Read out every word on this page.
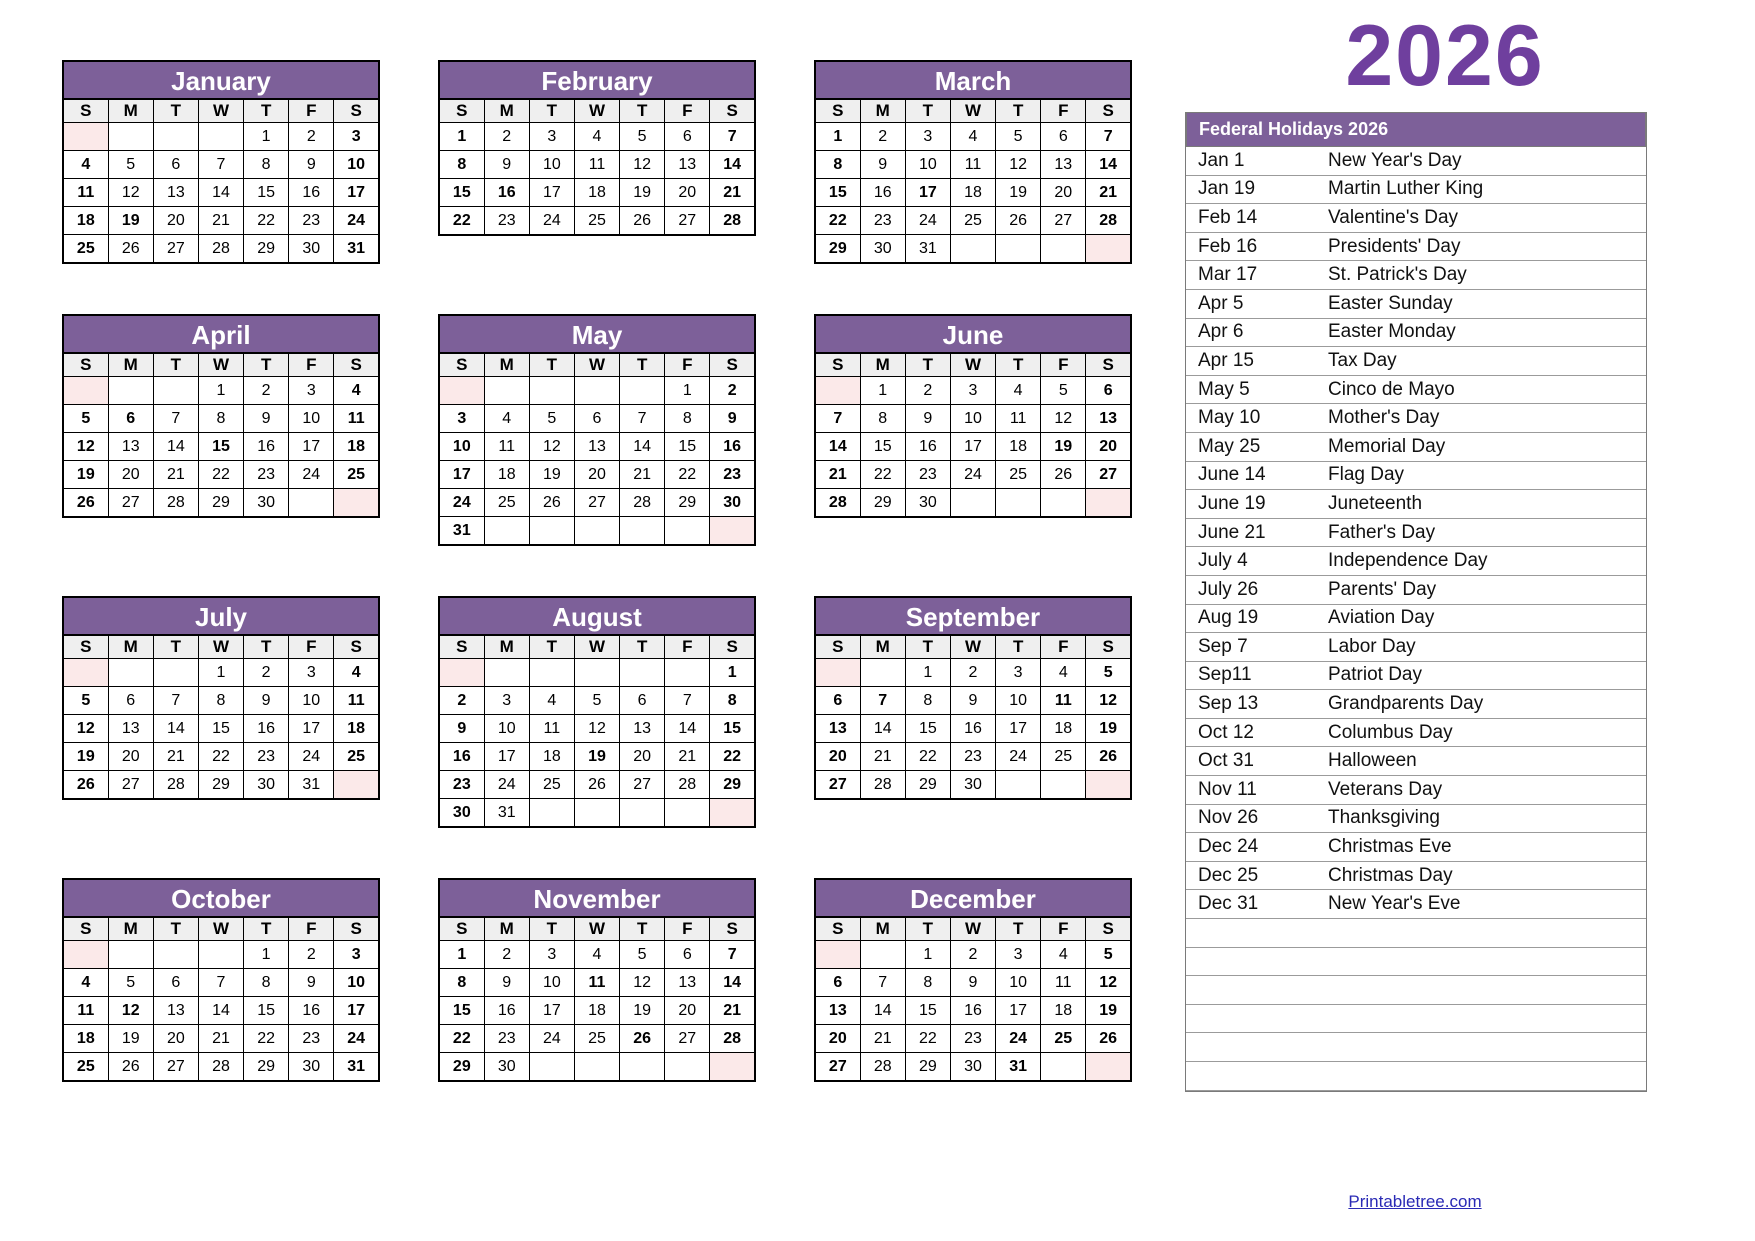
January
S	M	T	W	T	F	S
				1	2	3
4	5	6	7	8	9	10
11	12	13	14	15	16	17
18	19	20	21	22	23	24
25	26	27	28	29	30	31
February
S	M	T	W	T	F	S
1	2	3	4	5	6	7
8	9	10	11	12	13	14
15	16	17	18	19	20	21
22	23	24	25	26	27	28
March
S	M	T	W	T	F	S
1	2	3	4	5	6	7
8	9	10	11	12	13	14
15	16	17	18	19	20	21
22	23	24	25	26	27	28
29	30	31				
April
S	M	T	W	T	F	S
			1	2	3	4
5	6	7	8	9	10	11
12	13	14	15	16	17	18
19	20	21	22	23	24	25
26	27	28	29	30		
May
S	M	T	W	T	F	S
					1	2
3	4	5	6	7	8	9
10	11	12	13	14	15	16
17	18	19	20	21	22	23
24	25	26	27	28	29	30
31						
June
S	M	T	W	T	F	S
	1	2	3	4	5	6
7	8	9	10	11	12	13
14	15	16	17	18	19	20
21	22	23	24	25	26	27
28	29	30				
July
S	M	T	W	T	F	S
			1	2	3	4
5	6	7	8	9	10	11
12	13	14	15	16	17	18
19	20	21	22	23	24	25
26	27	28	29	30	31	
August
S	M	T	W	T	F	S
						1
2	3	4	5	6	7	8
9	10	11	12	13	14	15
16	17	18	19	20	21	22
23	24	25	26	27	28	29
30	31					
September
S	M	T	W	T	F	S
		1	2	3	4	5
6	7	8	9	10	11	12
13	14	15	16	17	18	19
20	21	22	23	24	25	26
27	28	29	30			
October
S	M	T	W	T	F	S
				1	2	3
4	5	6	7	8	9	10
11	12	13	14	15	16	17
18	19	20	21	22	23	24
25	26	27	28	29	30	31
November
S	M	T	W	T	F	S
1	2	3	4	5	6	7
8	9	10	11	12	13	14
15	16	17	18	19	20	21
22	23	24	25	26	27	28
29	30					
December
S	M	T	W	T	F	S
		1	2	3	4	5
6	7	8	9	10	11	12
13	14	15	16	17	18	19
20	21	22	23	24	25	26
27	28	29	30	31		
2026
Federal Holidays 2026
Jan 1	New Year's Day
Jan 19	Martin Luther King
Feb 14	Valentine's Day
Feb 16	Presidents' Day
Mar 17	St. Patrick's Day
Apr 5	Easter Sunday
Apr 6	Easter Monday
Apr 15	Tax Day
May 5	Cinco de Mayo
May 10	Mother's Day
May 25	Memorial Day
June 14	Flag Day
June 19	Juneteenth
June 21	Father's Day
July 4	Independence Day
July 26	Parents' Day
Aug 19	Aviation Day
Sep 7	Labor Day
Sep11	Patriot Day
Sep 13	Grandparents Day
Oct 12	Columbus Day
Oct 31	Halloween
Nov 11	Veterans Day
Nov 26	Thanksgiving
Dec 24	Christmas Eve
Dec 25	Christmas Day
Dec 31	New Year's Eve

Printabletree.com
